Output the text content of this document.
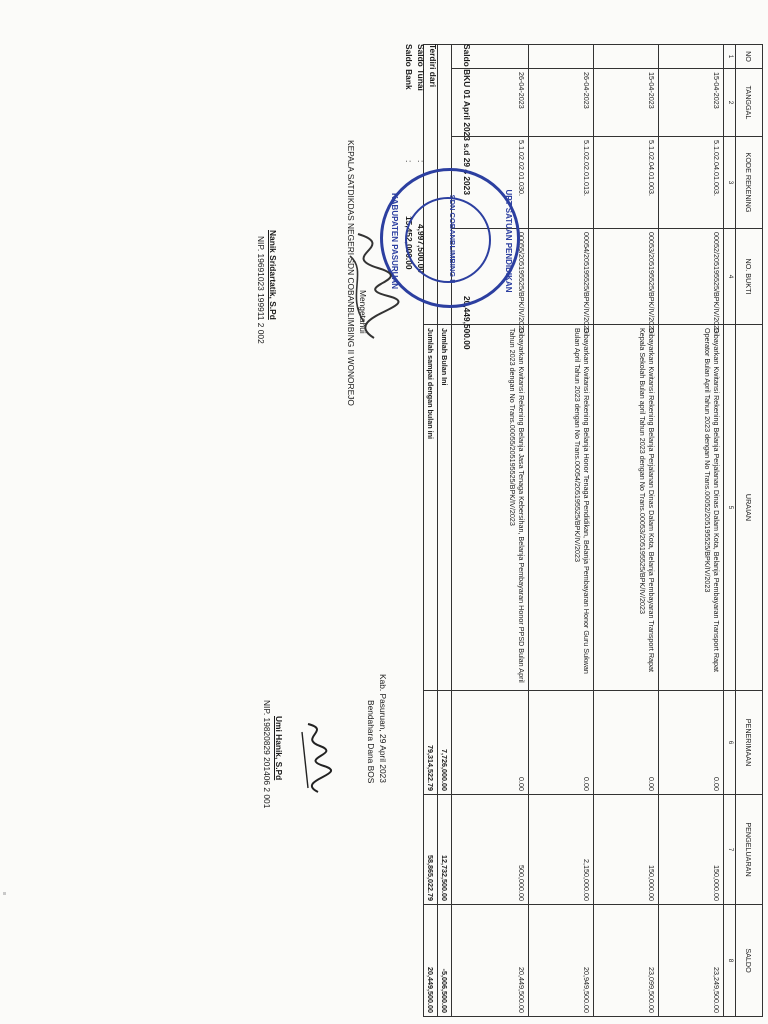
NO	TANGGAL	KODE REKENING	NO. BUKTI	URAIAN	PENERIMAAN	PENGELUARAN	SALDO
1	2	3	4	5	6	7	8
	15-04-2023	5.1.02.04.01.003.	00052/205195525/BPK/IV/2023	Dibayarkan Kwitansi Rekening Belanja Perjalanan Dinas Dalam Kota, Belanja Pembayaran Transport Rapat Operator Bulan April Tahun 2023 dengan No Trans.00052/205195525/BPK/IV/2023	0.00	150,000.00	23,249,500.00
	15-04-2023	5.1.02.04.01.003.	00053/205195525/BPK/IV/2023	Dibayarkan Kwitansi Rekening Belanja Perjalanan Dinas Dalam Kota, Belanja Pembayaran Transport Rapat Kepala Sekolah Bulan april Tahun 2023 dengan No Trans.00053/205195525/BPK/IV/2023	0.00	150,000.00	23,099,500.00
	26-04-2023	5.1.02.02.01.013.	00054/205195525/BPK/IV/2023	Dibayarkan Kwitansi Rekening Belanja Honor Tenaga Pendidikan, Belanja Pembayaran Honor Guru Sukwan Bulan April Tahun 2023 dengan No Trans.00054/205195525/BPK/IV/2023	0.00	2,150,000.00	20,949,500.00
	26-04-2023	5.1.02.02.01.030.	00055/205195525/BPK/IV/2023	Dibayarkan Kwitansi Rekening Belanja Jasa Tenaga Kebersihan, Belanja Pembayaran Honor PPSD Bulan April Tahun 2023 dengan No Trans.00055/205195525/BPK/IV/2023	0.00	500,000.00	20,449,500.00
				Jumlah Bulan Ini	7,726,000.00	12,732,500.00	-5,006,500.00
				Jumlah sampai dengan bulan ini	79,314,522.79	58,865,022.79	20,449,500.00
Saldo BKU 01 April 2023 s.d 29 4 2023
20,449,500.00
Terdiri dari
Saldo Tunai
:
4,997,500.00
Saldo Bank
:
15,452,000.00
Mengetahui
KEPALA SATDIKDAS NEGERI SDN COBANBLIMBING II WONOREJO	UPT SATUAN PENDIDIKAN
SDN COBANBLIMBING II
KABUPATEN PASURUAN
Nanik Sridartatik, S.Pd
NIP. 19691023 199911 2 002
Kab. Pasuruan, 29 April 2023
Bendahara Dana BOS
Umi Hanik, S.Pd
NIP. 19820829 201406 2 001
